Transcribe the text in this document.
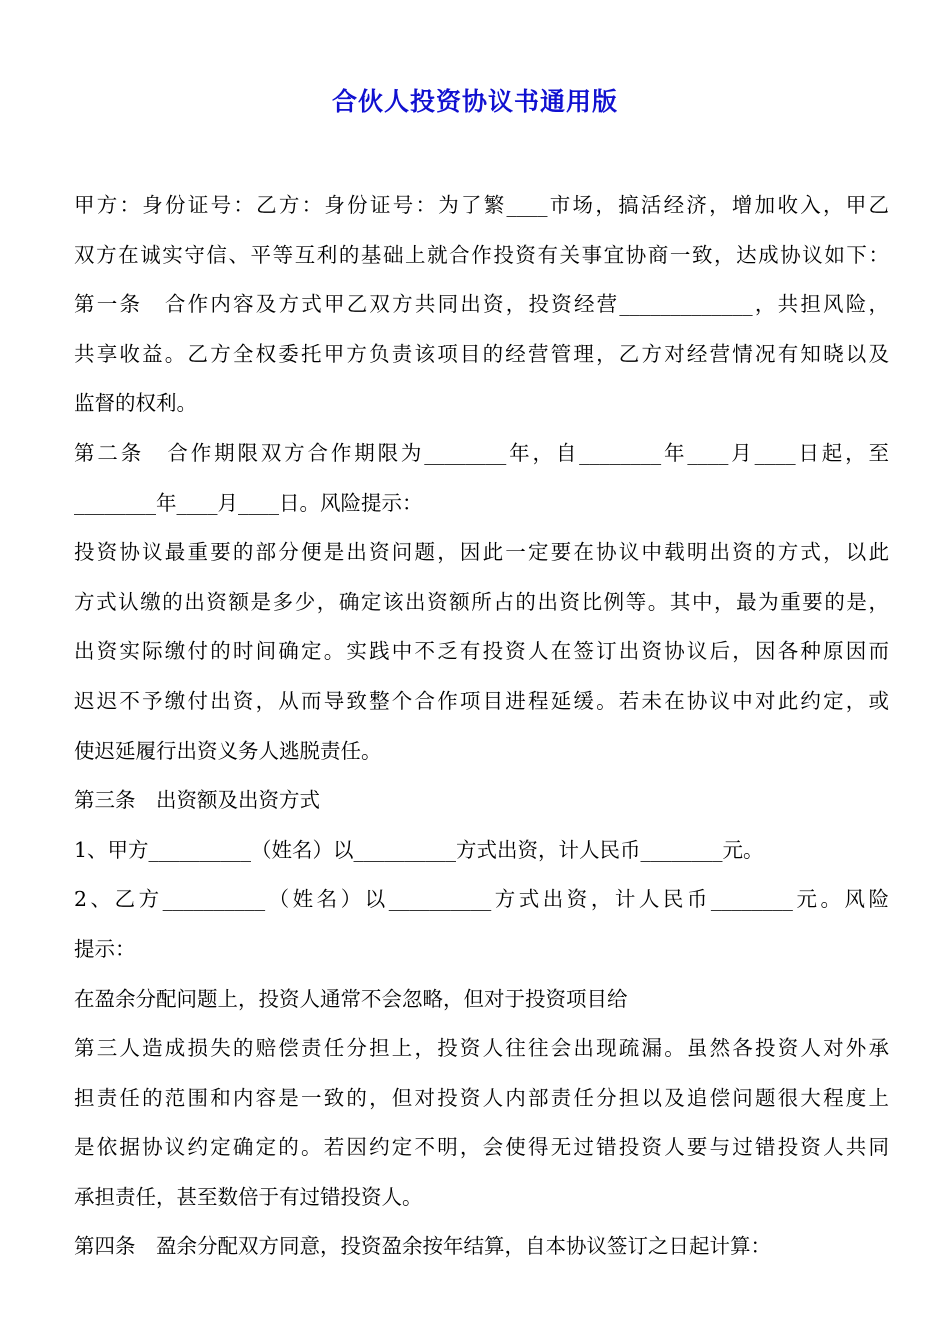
合伙人投资协议书通用版
甲方：身份证号：乙方：身份证号：为了繁____市场，搞活经济，增加收入，甲乙
双方在诚实守信、平等互利的基础上就合作投资有关事宜协商一致，达成协议如下：
第一条　合作内容及方式甲乙双方共同出资，投资经营_____________，共担风险，
共享收益。乙方全权委托甲方负责该项目的经营管理，乙方对经营情况有知晓以及
监督的权利。
第二条　合作期限双方合作期限为________年，自________年____月____日起，至
________年____月____日。风险提示：
投资协议最重要的部分便是出资问题，因此一定要在协议中载明出资的方式，以此
方式认缴的出资额是多少，确定该出资额所占的出资比例等。其中，最为重要的是，
出资实际缴付的时间确定。实践中不乏有投资人在签订出资协议后，因各种原因而
迟迟不予缴付出资，从而导致整个合作项目进程延缓。若未在协议中对此约定，或
使迟延履行出资义务人逃脱责任。
第三条　出资额及出资方式
1、甲方__________（姓名）以__________方式出资，计人民币________元。
2、乙方__________（姓名）以__________方式出资，计人民币________元。风险
提示：
在盈余分配问题上，投资人通常不会忽略，但对于投资项目给
第三人造成损失的赔偿责任分担上，投资人往往会出现疏漏。虽然各投资人对外承
担责任的范围和内容是一致的，但对投资人内部责任分担以及追偿问题很大程度上
是依据协议约定确定的。若因约定不明，会使得无过错投资人要与过错投资人共同
承担责任，甚至数倍于有过错投资人。
第四条　盈余分配双方同意，投资盈余按年结算，自本协议签订之日起计算：
